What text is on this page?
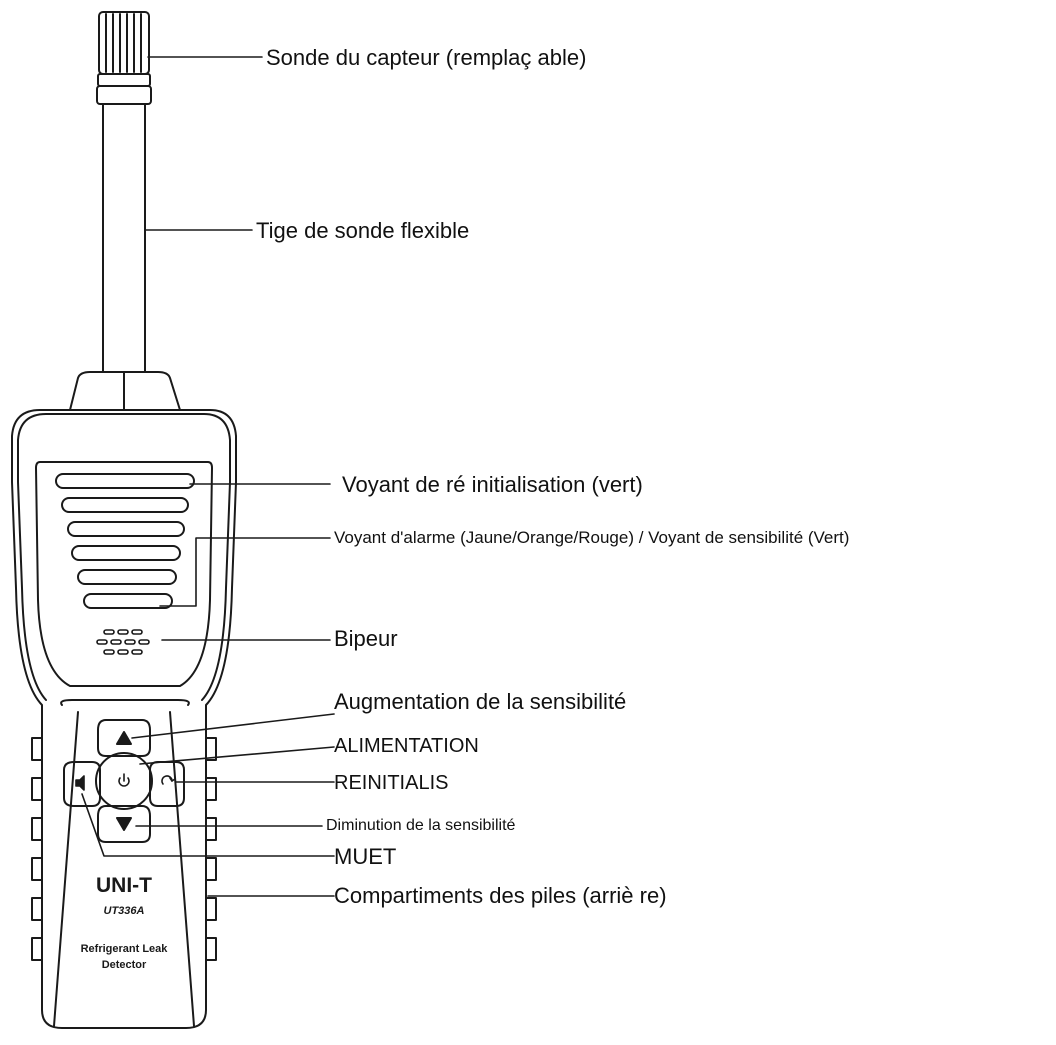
UNI-T
UT336A
Refrigerant Leak
Detector
Sonde du capteur (remplaç able)
Tige de sonde flexible
Voyant de ré initialisation (vert)
Voyant d'alarme (Jaune/Orange/Rouge) / Voyant de sensibilité (Vert)
Bipeur
Augmentation de la sensibilité
ALIMENTATION
REINITIALIS
Diminution de la sensibilité
MUET
Compartiments des piles (arriè re)
